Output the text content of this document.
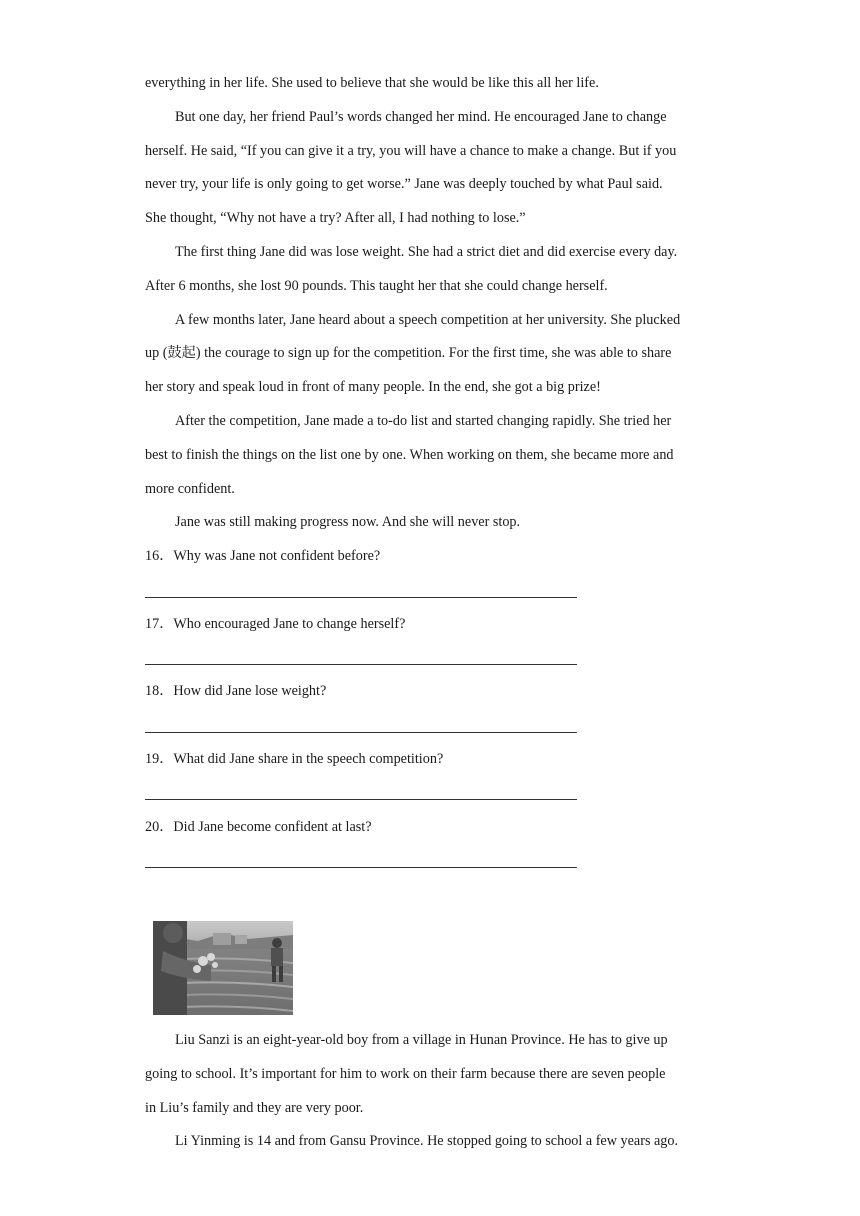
everything in her life. She used to believe that she would be like this all her life.
But one day, her friend Paul’s words changed her mind. He encouraged Jane to change
herself. He said, “If you can give it a try, you will have a chance to make a change. But if you
never try, your life is only going to get worse.” Jane was deeply touched by what Paul said.
She thought, “Why not have a try? After all, I had nothing to lose.”
The first thing Jane did was lose weight. She had a strict diet and did exercise every day.
After 6 months, she lost 90 pounds. This taught her that she could change herself.
A few months later, Jane heard about a speech competition at her university. She plucked
up (鼓起) the courage to sign up for the competition. For the first time, she was able to share
her story and speak loud in front of many people. In the end, she got a big prize!
After the competition, Jane made a to-do list and started changing rapidly. She tried her
best to finish the things on the list one by one. When working on them, she became more and
more confident.
Jane was still making progress now. And she will never stop.
16．Why was Jane not confident before?
17．Who encouraged Jane to change herself?
18．How did Jane lose weight?
19．What did Jane share in the speech competition?
20．Did Jane become confident at last?
Liu Sanzi is an eight-year-old boy from a village in Hunan Province. He has to give up
going to school. It’s important for him to work on their farm because there are seven people
in Liu’s family and they are very poor.
Li Yinming is 14 and from Gansu Province. He stopped going to school a few years ago.
